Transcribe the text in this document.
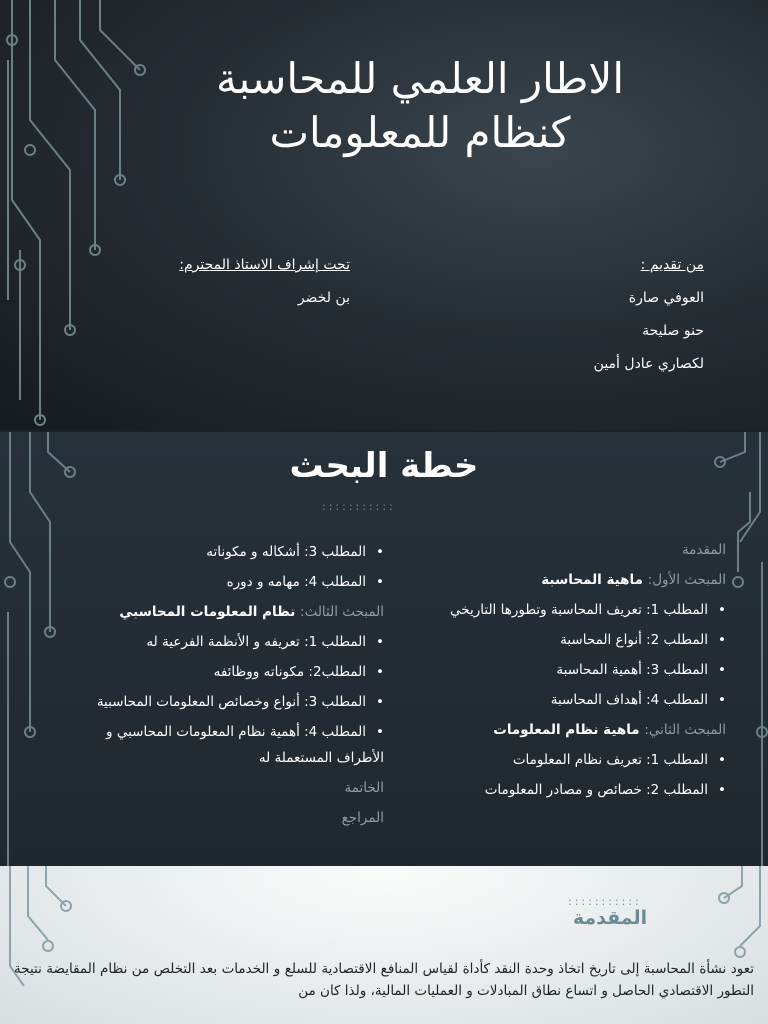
الاطار العلمي للمحاسبة
كنظام للمعلومات
من تقديم :
العوفي صارة
حنو صليحة
لكصاري عادل أمين
تحت إشراف الاستاذ المحترم:
بن لخضر
خطة البحث
:::::::::::
المقدمة
المبحث الأول: ماهية المحاسبة
• المطلب 1: تعريف المحاسبة وتطورها التاريخي
• المطلب 2: أنواع المحاسبة
• المطلب 3: أهمية المحاسبة
• المطلب 4: أهداف المحاسبة
المبحث الثاني: ماهية نظام المعلومات
• المطلب 1: تعريف نظام المعلومات
• المطلب 2: خصائص و مصادر المعلومات
• المطلب 3: أشكاله و مكوناته
• المطلب 4: مهامه و دوره
المبحث الثالث: نظام المعلومات المحاسبي
• المطلب 1: تعريفه و الأنظمة الفرعية له
• المطلب2: مكوناته ووظائفه
• المطلب 3: أنواع وخصائص المعلومات المحاسبية
• المطلب 4: أهمية نظام المعلومات المحاسبي و
الأطراف المستعملة له
الخاتمة
المراجع
:::::::::::
المقدمة
تعود نشأة المحاسبة إلى تاريخ اتخاذ وحدة النقد كأداة لقياس المنافع الاقتصادية للسلع و الخدمات بعد التخلص من نظام المقايضة نتيجة التطور الاقتصادي الحاصل و اتساع نطاق المبادلات و العمليات المالية، ولذا كان من
